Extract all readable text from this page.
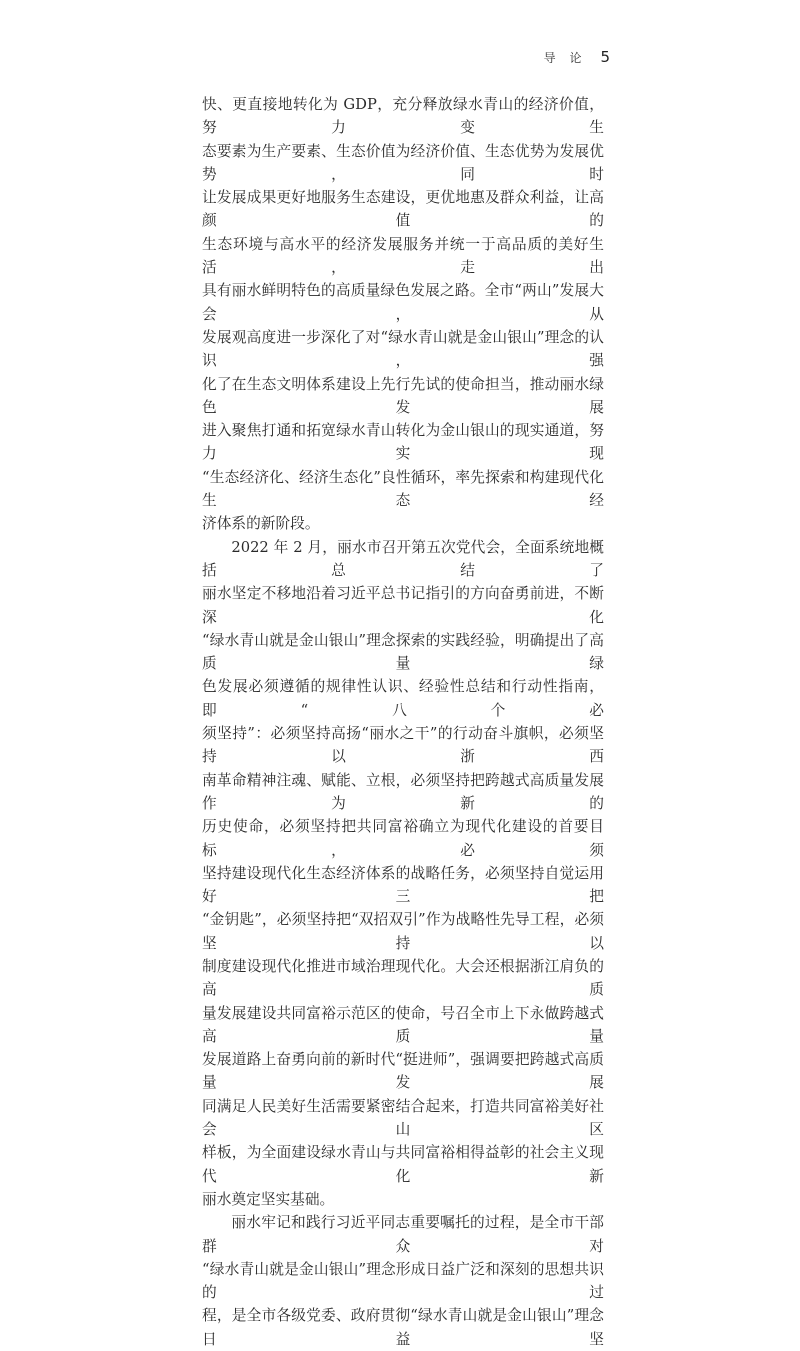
导 论 5

快、更直接地转化为 GDP，充分释放绿水青山的经济价值，努力变生

态要素为生产要素、生态价值为经济价值、生态优势为发展优势，同时

让发展成果更好地服务生态建设，更优地惠及群众利益，让高颜值的

生态环境与高水平的经济发展服务并统一于高品质的美好生活，走出

具有丽水鲜明特色的高质量绿色发展之路。全市“两山”发展大会，从

发展观高度进一步深化了对“绿水青山就是金山银山”理念的认识，强

化了在生态文明体系建设上先行先试的使命担当，推动丽水绿色发展

进入聚焦打通和拓宽绿水青山转化为金山银山的现实通道，努力实现

“生态经济化、经济生态化”良性循环，率先探索和构建现代化生态经

济体系的新阶段。

2022 年 2 月，丽水市召开第五次党代会，全面系统地概括总结了

丽水坚定不移地沿着习近平总书记指引的方向奋勇前进，不断深化

“绿水青山就是金山银山”理念探索的实践经验，明确提出了高质量绿

色发展必须遵循的规律性认识、经验性总结和行动性指南，即“八个必

须坚持”：必须坚持高扬“丽水之干”的行动奋斗旗帜，必须坚持以浙西

南革命精神注魂、赋能、立根，必须坚持把跨越式高质量发展作为新的

历史使命，必须坚持把共同富裕确立为现代化建设的首要目标，必须

坚持建设现代化生态经济体系的战略任务，必须坚持自觉运用好三把

“金钥匙”，必须坚持把“双招双引”作为战略性先导工程，必须坚持以

制度建设现代化推进市域治理现代化。大会还根据浙江肩负的高质

量发展建设共同富裕示范区的使命，号召全市上下永做跨越式高质量

发展道路上奋勇向前的新时代“挺进师”，强调要把跨越式高质量发展

同满足人民美好生活需要紧密结合起来，打造共同富裕美好社会山区

样板，为全面建设绿水青山与共同富裕相得益彰的社会主义现代化新

丽水奠定坚实基础。

丽水牢记和践行习近平同志重要嘱托的过程，是全市干部群众对

“绿水青山就是金山银山”理念形成日益广泛和深刻的思想共识的过

程，是全市各级党委、政府贯彻“绿水青山就是金山银山”理念日益坚
